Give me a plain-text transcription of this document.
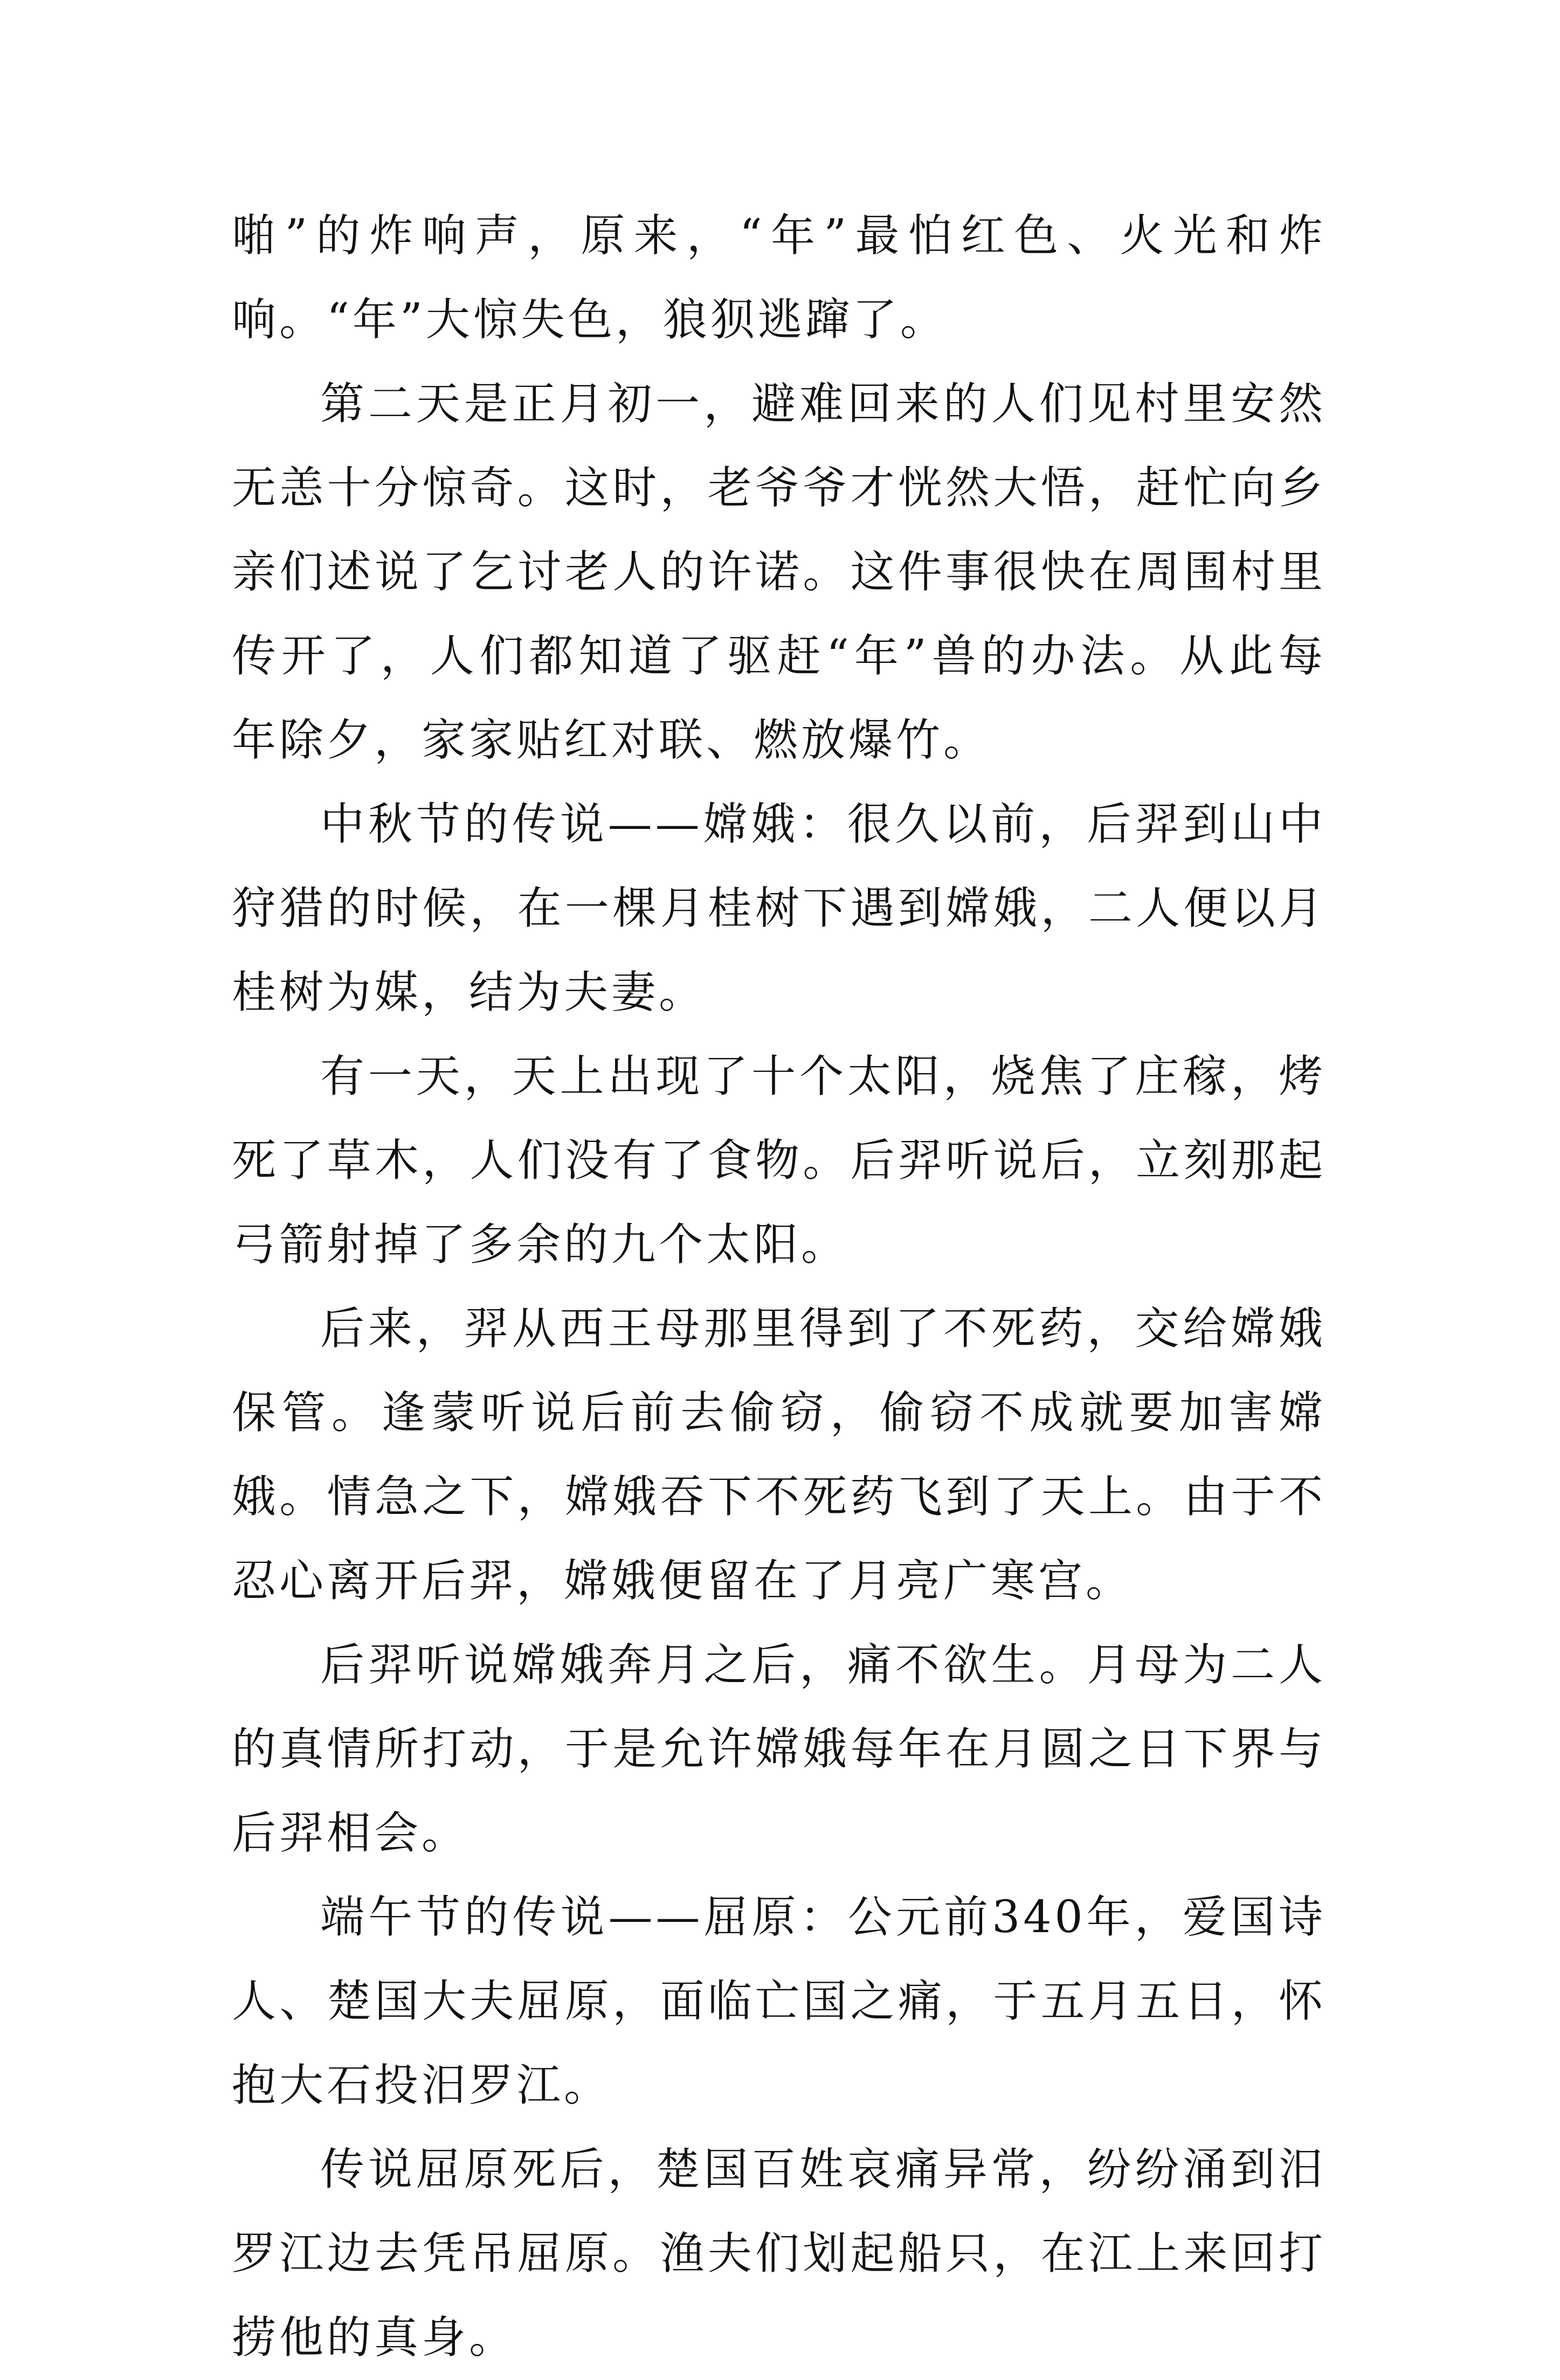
啪”的炸响声，原来，“年”最怕红色、火光和炸响。“年”大惊失色，狼狈逃蹿了。

第二天是正月初一，避难回来的人们见村里安然无恙十分惊奇。这时，老爷爷才恍然大悟，赶忙向乡亲们述说了乞讨老人的许诺。这件事很快在周围村里传开了，人们都知道了驱赶“年”兽的办法。从此每年除夕，家家贴红对联、燃放爆竹。

中秋节的传说——嫦娥：很久以前，后羿到山中狩猎的时候，在一棵月桂树下遇到嫦娥，二人便以月桂树为媒，结为夫妻。

有一天，天上出现了十个太阳，烧焦了庄稼，烤死了草木，人们没有了食物。后羿听说后，立刻那起弓箭射掉了多余的九个太阳。

后来，羿从西王母那里得到了不死药，交给嫦娥保管。逢蒙听说后前去偷窃，偷窃不成就要加害嫦娥。情急之下，嫦娥吞下不死药飞到了天上。由于不忍心离开后羿，嫦娥便留在了月亮广寒宫。

后羿听说嫦娥奔月之后，痛不欲生。月母为二人的真情所打动，于是允许嫦娥每年在月圆之日下界与后羿相会。

端午节的传说——屈原：公元前340年，爱国诗人、楚国大夫屈原，面临亡国之痛，于五月五日，怀抱大石投汨罗江。

传说屈原死后，楚国百姓哀痛异常，纷纷涌到汨罗江边去凭吊屈原。渔夫们划起船只，在江上来回打捞他的真身。
